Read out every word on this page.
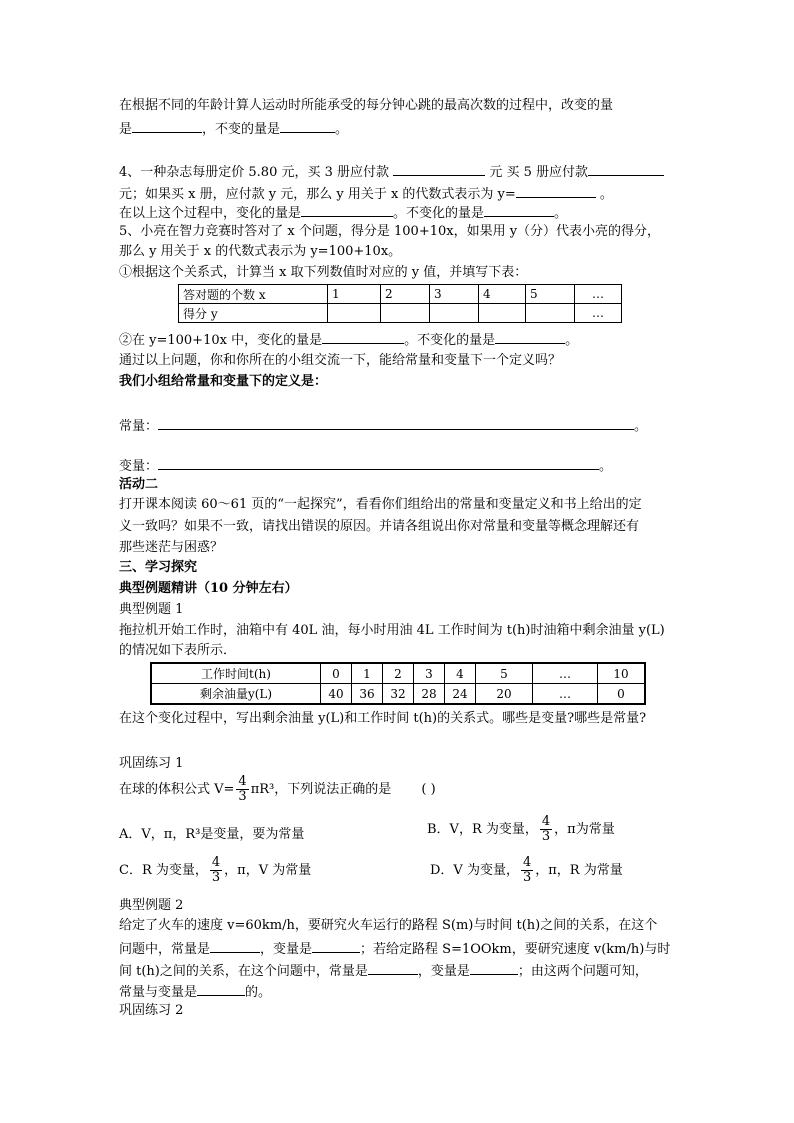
在根据不同的年龄计算人运动时所能承受的每分钟心跳的最高次数的过程中，改变的量
是	，不变的量是	。
4、一种杂志每册定价 5.80 元，买 3 册应付款	元 买 5 册应付款
元；如果买 x 册，应付款 y 元，那么 y 用关于 x 的代数式表示为 y=	。
在以上这个过程中，变化的量是	。不变化的量是	。
5、小亮在智力竞赛时答对了 x 个问题，得分是 100+10x，如果用 y（分）代表小亮的得分，
那么 y 用关于 x 的代数式表示为 y=100+10x。
①根据这个关系式，计算当 x 取下列数值时对应的 y 值，并填写下表：
答对题的个数 x	1	2	3	4	5	…
得分 y						…
②在 y=100+10x 中，变化的量是	。不变化的量是	。
通过以上问题，你和你所在的小组交流一下，能给常量和变量下一个定义吗？
我们小组给常量和变量下的定义是：
常量：	。
变量：	。
活动二
打开课本阅读 60～61 页的“一起探究”，看看你们组给出的常量和变量定义和书上给出的定
义一致吗？如果不一致，请找出错误的原因。并请各组说出你对常量和变量等概念理解还有
那些迷茫与困惑？
三、学习探究
典型例题精讲（10 分钟左右）
典型例题 1
拖拉机开始工作时，油箱中有 40L 油，每小时用油 4L 工作时间为 t(h)时油箱中剩余油量 y(L)
的情况如下表所示．
工作时间t(h)	0	1	2	3	4	5	…	10
剩余油量y(L)	40	36	32	28	24	20	…	0
在这个变化过程中，写出剩余油量 y(L)和工作时间 t(h)的关系式。哪些是变量?哪些是常量?
巩固练习 1
在球的体积公式 $V= \frac{4}{3} \pi R^3$，下列说法正确的是 ( )
A．V，π，R³是变量，要为常量	B．V，R 为变量， $\frac{4}{3}$ ，π为常量
C．R 为变量， $\frac{4}{3}$ ，π，V 为常量	D．V 为变量， $\frac{4}{3}$ ，π，R 为常量
典型例题 2
给定了火车的速度 v=60km/h，要研究火车运行的路程 S(m)与时间 t(h)之间的关系，在这个
问题中，常量是	，变量是	；若给定路程 S=1OOkm，要研究速度 v(km/h)与时
间 t(h)之间的关系，在这个问题中，常量是	，变量是	；由这两个问题可知，
常量与变量是	的。
巩固练习 2
